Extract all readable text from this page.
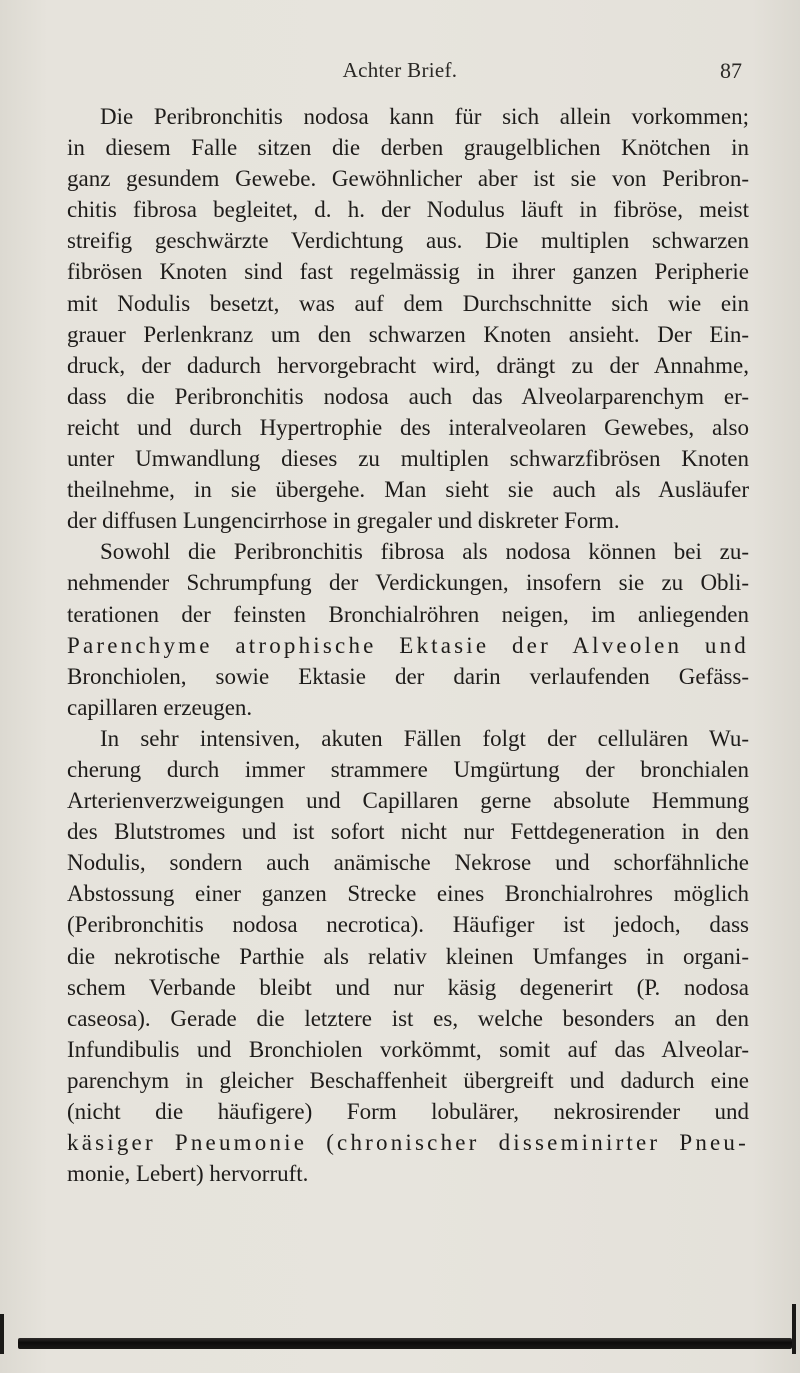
Achter Brief.	87
Die Peribronchitis nodosa kann für sich allein vorkommen;
in diesem Falle sitzen die derben graugelblichen Knötchen in
ganz gesundem Gewebe. Gewöhnlicher aber ist sie von Peribron-
chitis fibrosa begleitet, d. h. der Nodulus läuft in fibröse, meist
streifig geschwärzte Verdichtung aus. Die multiplen schwarzen
fibrösen Knoten sind fast regelmässig in ihrer ganzen Peripherie
mit Nodulis besetzt, was auf dem Durchschnitte sich wie ein
grauer Perlenkranz um den schwarzen Knoten ansieht. Der Ein-
druck, der dadurch hervorgebracht wird, drängt zu der Annahme,
dass die Peribronchitis nodosa auch das Alveolarparenchym er-
reicht und durch Hypertrophie des interalveolaren Gewebes, also
unter Umwandlung dieses zu multiplen schwarzfibrösen Knoten
theilnehme, in sie übergehe. Man sieht sie auch als Ausläufer
der diffusen Lungencirrhose in gregaler und diskreter Form.
Sowohl die Peribronchitis fibrosa als nodosa können bei zu-
nehmender Schrumpfung der Verdickungen, insofern sie zu Obli-
terationen der feinsten Bronchialröhren neigen, im anliegenden
Parenchyme atrophische Ektasie der Alveolen und
Bronchiolen, sowie Ektasie der darin verlaufenden Gefäss-
capillaren erzeugen.
In sehr intensiven, akuten Fällen folgt der cellulären Wu-
cherung durch immer strammere Umgürtung der bronchialen
Arterienverzweigungen und Capillaren gerne absolute Hemmung
des Blutstromes und ist sofort nicht nur Fettdegeneration in den
Nodulis, sondern auch anämische Nekrose und schorfähnliche
Abstossung einer ganzen Strecke eines Bronchialrohres möglich
(Peribronchitis nodosa necrotica). Häufiger ist jedoch, dass
die nekrotische Parthie als relativ kleinen Umfanges in organi-
schem Verbande bleibt und nur käsig degenerirt (P. nodosa
caseosa). Gerade die letztere ist es, welche besonders an den
Infundibulis und Bronchiolen vorkömmt, somit auf das Alveolar-
parenchym in gleicher Beschaffenheit übergreift und dadurch eine
(nicht die häufigere) Form lobulärer, nekrosirender und
käsiger Pneumonie (chronischer disseminirter Pneu-
monie, Lebert) hervorruft.
